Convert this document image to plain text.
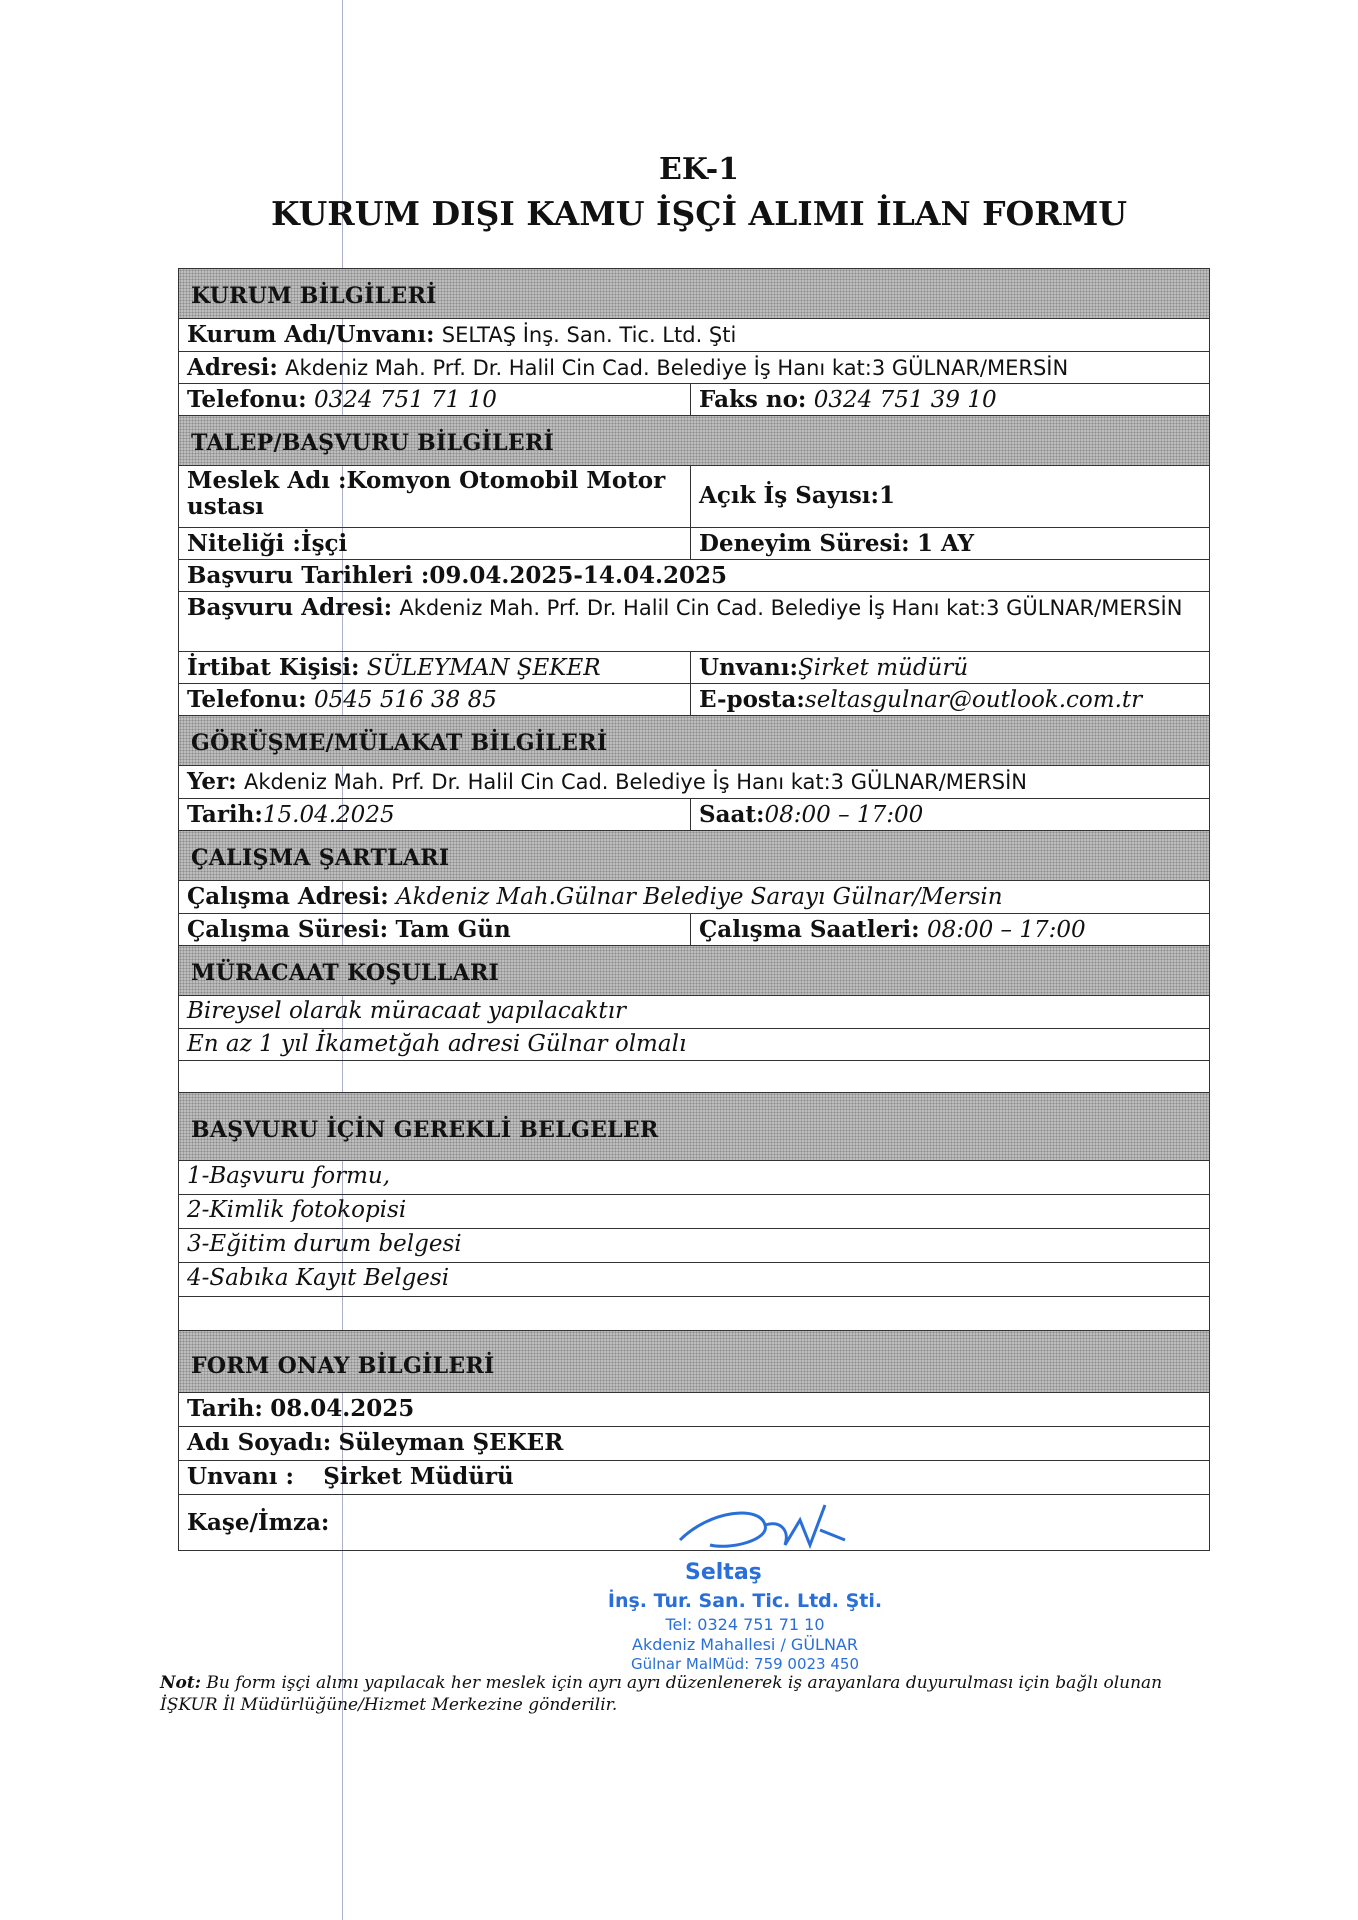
EK-1
KURUM DIŞI KAMU İŞÇİ ALIMI İLAN FORMU
KURUM BİLGİLERİ
Kurum Adı/Unvanı: SELTAŞ İnş. San. Tic. Ltd. Şti
Adresi: Akdeniz Mah. Prf. Dr. Halil Cin Cad. Belediye İş Hanı kat:3 GÜLNAR/MERSİN
Telefonu: 0324 751 71 10	Faks no: 0324 751 39 10
TALEP/BAŞVURU BİLGİLERİ
Meslek Adı :Komyon Otomobil Motor ustası	Açık İş Sayısı:1
Niteliği :İşçi	Deneyim Süresi: 1 AY
Başvuru Tarihleri :09.04.2025-14.04.2025
Başvuru Adresi: Akdeniz Mah. Prf. Dr. Halil Cin Cad. Belediye İş Hanı kat:3 GÜLNAR/MERSİN
İrtibat Kişisi: SÜLEYMAN ŞEKER	Unvanı:Şirket müdürü
Telefonu: 0545 516 38 85	E-posta:seltasgulnar@outlook.com.tr
GÖRÜŞME/MÜLAKAT BİLGİLERİ
Yer: Akdeniz Mah. Prf. Dr. Halil Cin Cad. Belediye İş Hanı kat:3 GÜLNAR/MERSİN
Tarih:15.04.2025	Saat:08:00 – 17:00
ÇALIŞMA ŞARTLARI
Çalışma Adresi: Akdeniz Mah.Gülnar Belediye Sarayı Gülnar/Mersin
Çalışma Süresi: Tam Gün	Çalışma Saatleri: 08:00 – 17:00
MÜRACAAT KOŞULLARI
Bireysel olarak müracaat yapılacaktır
En az 1 yıl İkametğah adresi Gülnar olmalı
BAŞVURU İÇİN GEREKLİ BELGELER
1-Başvuru formu,
2-Kimlik fotokopisi
3-Eğitim durum belgesi
4-Sabıka Kayıt Belgesi
FORM ONAY BİLGİLERİ
Tarih: 08.04.2025
Adı Soyadı: Süleyman ŞEKER
Unvanı : Şirket Müdürü
Kaşe/İmza:
Seltaş
İnş. Tur. San. Tic. Ltd. Şti.
Tel: 0324 751 71 10
Akdeniz Mahallesi / GÜLNAR
Gülnar MalMüd: 759 0023 450
Not: Bu form işçi alımı yapılacak her meslek için ayrı ayrı düzenlenerek iş arayanlara duyurulması için bağlı olunan İŞKUR İl Müdürlüğüne/Hizmet Merkezine gönderilir.
